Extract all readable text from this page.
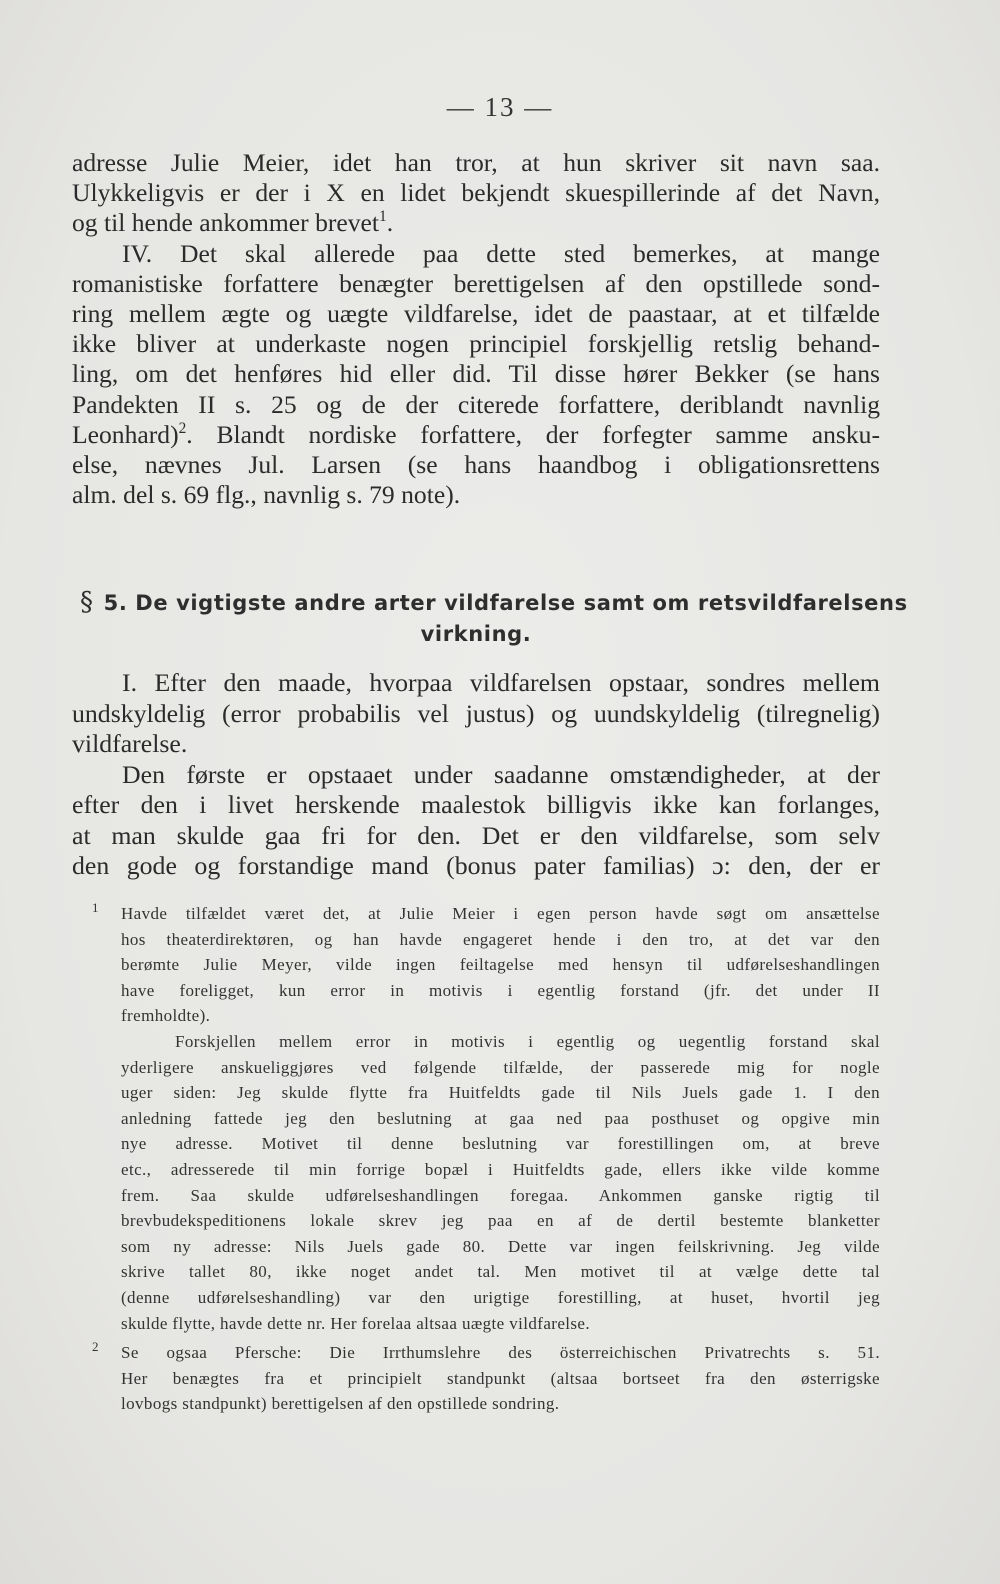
— 13 —
adresse Julie Meier, idet han tror, at hun skriver sit navn saa.
Ulykkeligvis er der i X en lidet bekjendt skuespillerinde af det Navn,
og til hende ankommer brevet$^1$.
IV. Det skal allerede paa dette sted bemerkes, at mange
romanistiske forfattere benægter berettigelsen af den opstillede sond-
ring mellem ægte og uægte vildfarelse, idet de paastaar, at et tilfælde
ikke bliver at underkaste nogen principiel forskjellig retslig behand-
ling, om det henføres hid eller did. Til disse hører Bekker (se hans
Pandekten II s. 25 og de der citerede forfattere, deriblandt navnlig
Leonhard)$^2$. Blandt nordiske forfattere, der forfegter samme ansku-
else, nævnes Jul. Larsen (se hans haandbog i obligationsrettens
alm. del s. 69 flg., navnlig s. 79 note).
§ 5. De vigtigste andre arter vildfarelse samt om retsvildfarelsens
virkning.
I. Efter den maade, hvorpaa vildfarelsen opstaar, sondres mellem
undskyldelig (error probabilis vel justus) og uundskyldelig (tilregnelig)
vildfarelse.
Den første er opstaaet under saadanne omstændigheder, at der
efter den i livet herskende maalestok billigvis ikke kan forlanges,
at man skulde gaa fri for den. Det er den vildfarelse, som selv
den gode og forstandige mand (bonus pater familias) ɔ: den, der er
1	Havde tilfældet været det, at Julie Meier i egen person havde søgt om ansættelse
hos theaterdirektøren, og han havde engageret hende i den tro, at det var den
berømte Julie Meyer, vilde ingen feiltagelse med hensyn til udførelseshandlingen
have foreligget, kun error in motivis i egentlig forstand (jfr. det under II
fremholdte).
Forskjellen mellem error in motivis i egentlig og uegentlig forstand skal
yderligere anskueliggjøres ved følgende tilfælde, der passerede mig for nogle
uger siden: Jeg skulde flytte fra Huitfeldts gade til Nils Juels gade 1. I den
anledning fattede jeg den beslutning at gaa ned paa posthuset og opgive min
nye adresse. Motivet til denne beslutning var forestillingen om, at breve
etc., adresserede til min forrige bopæl i Huitfeldts gade, ellers ikke vilde komme
frem. Saa skulde udførelseshandlingen foregaa. Ankommen ganske rigtig til
brevbudekspeditionens lokale skrev jeg paa en af de dertil bestemte blanketter
som ny adresse: Nils Juels gade 80. Dette var ingen feilskrivning. Jeg vilde
skrive tallet 80, ikke noget andet tal. Men motivet til at vælge dette tal
(denne udførelseshandling) var den urigtige forestilling, at huset, hvortil jeg
skulde flytte, havde dette nr. Her forelaa altsaa uægte vildfarelse.
2	Se ogsaa Pfersche: Die Irrthumslehre des österreichischen Privatrechts s. 51.
Her benægtes fra et principielt standpunkt (altsaa bortseet fra den østerrigske
lovbogs standpunkt) berettigelsen af den opstillede sondring.
